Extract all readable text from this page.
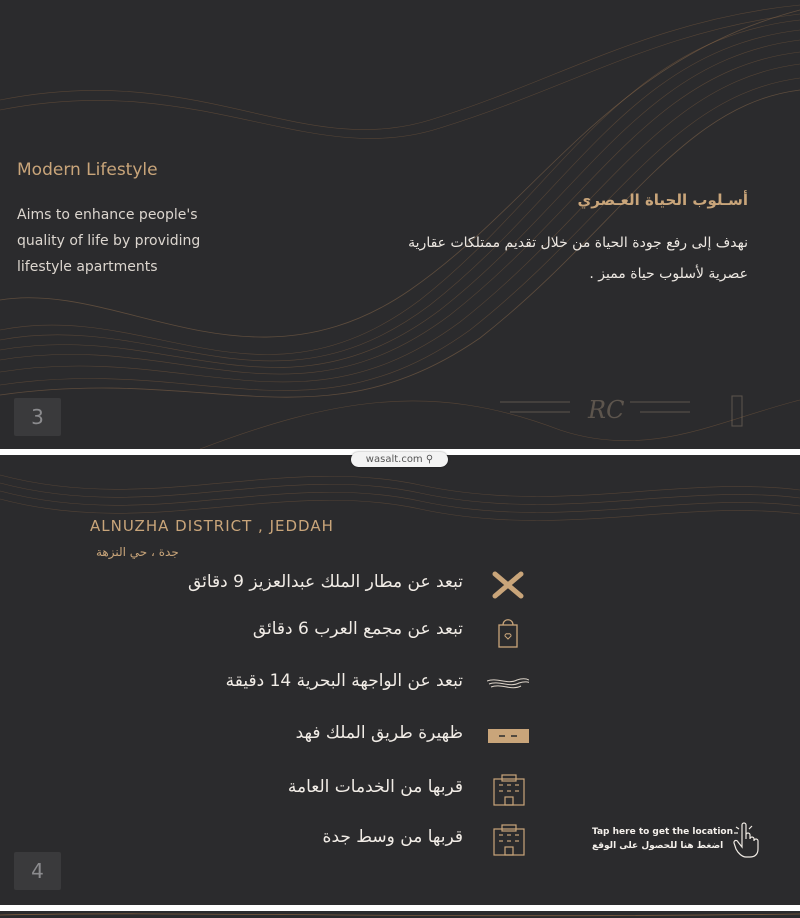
Modern Lifestyle

Aims to enhance people's quality of life by providing lifestyle apartments

أسـلوب الحياة العـصري

نهدف إلى رفع جودة الحياة من خلال تقديم ممتلكات عقارية عصرية لأسلوب حياة مميز .

RC
3
wasalt.com ⚲
ALNUZHA DISTRICT , JEDDAH
جدة ، حي النزهة
تبعد عن مطار الملك عبدالعزيز 9 دقائق
تبعد عن مجمع العرب 6 دقائق
تبعد عن الواجهة البحرية 14 دقيقة
ظهيرة طريق الملك فهد
قربها من الخدمات العامة
قربها من وسط جدة	Tap here to get the location
اضغط هنا للحصول على الوقع
4
